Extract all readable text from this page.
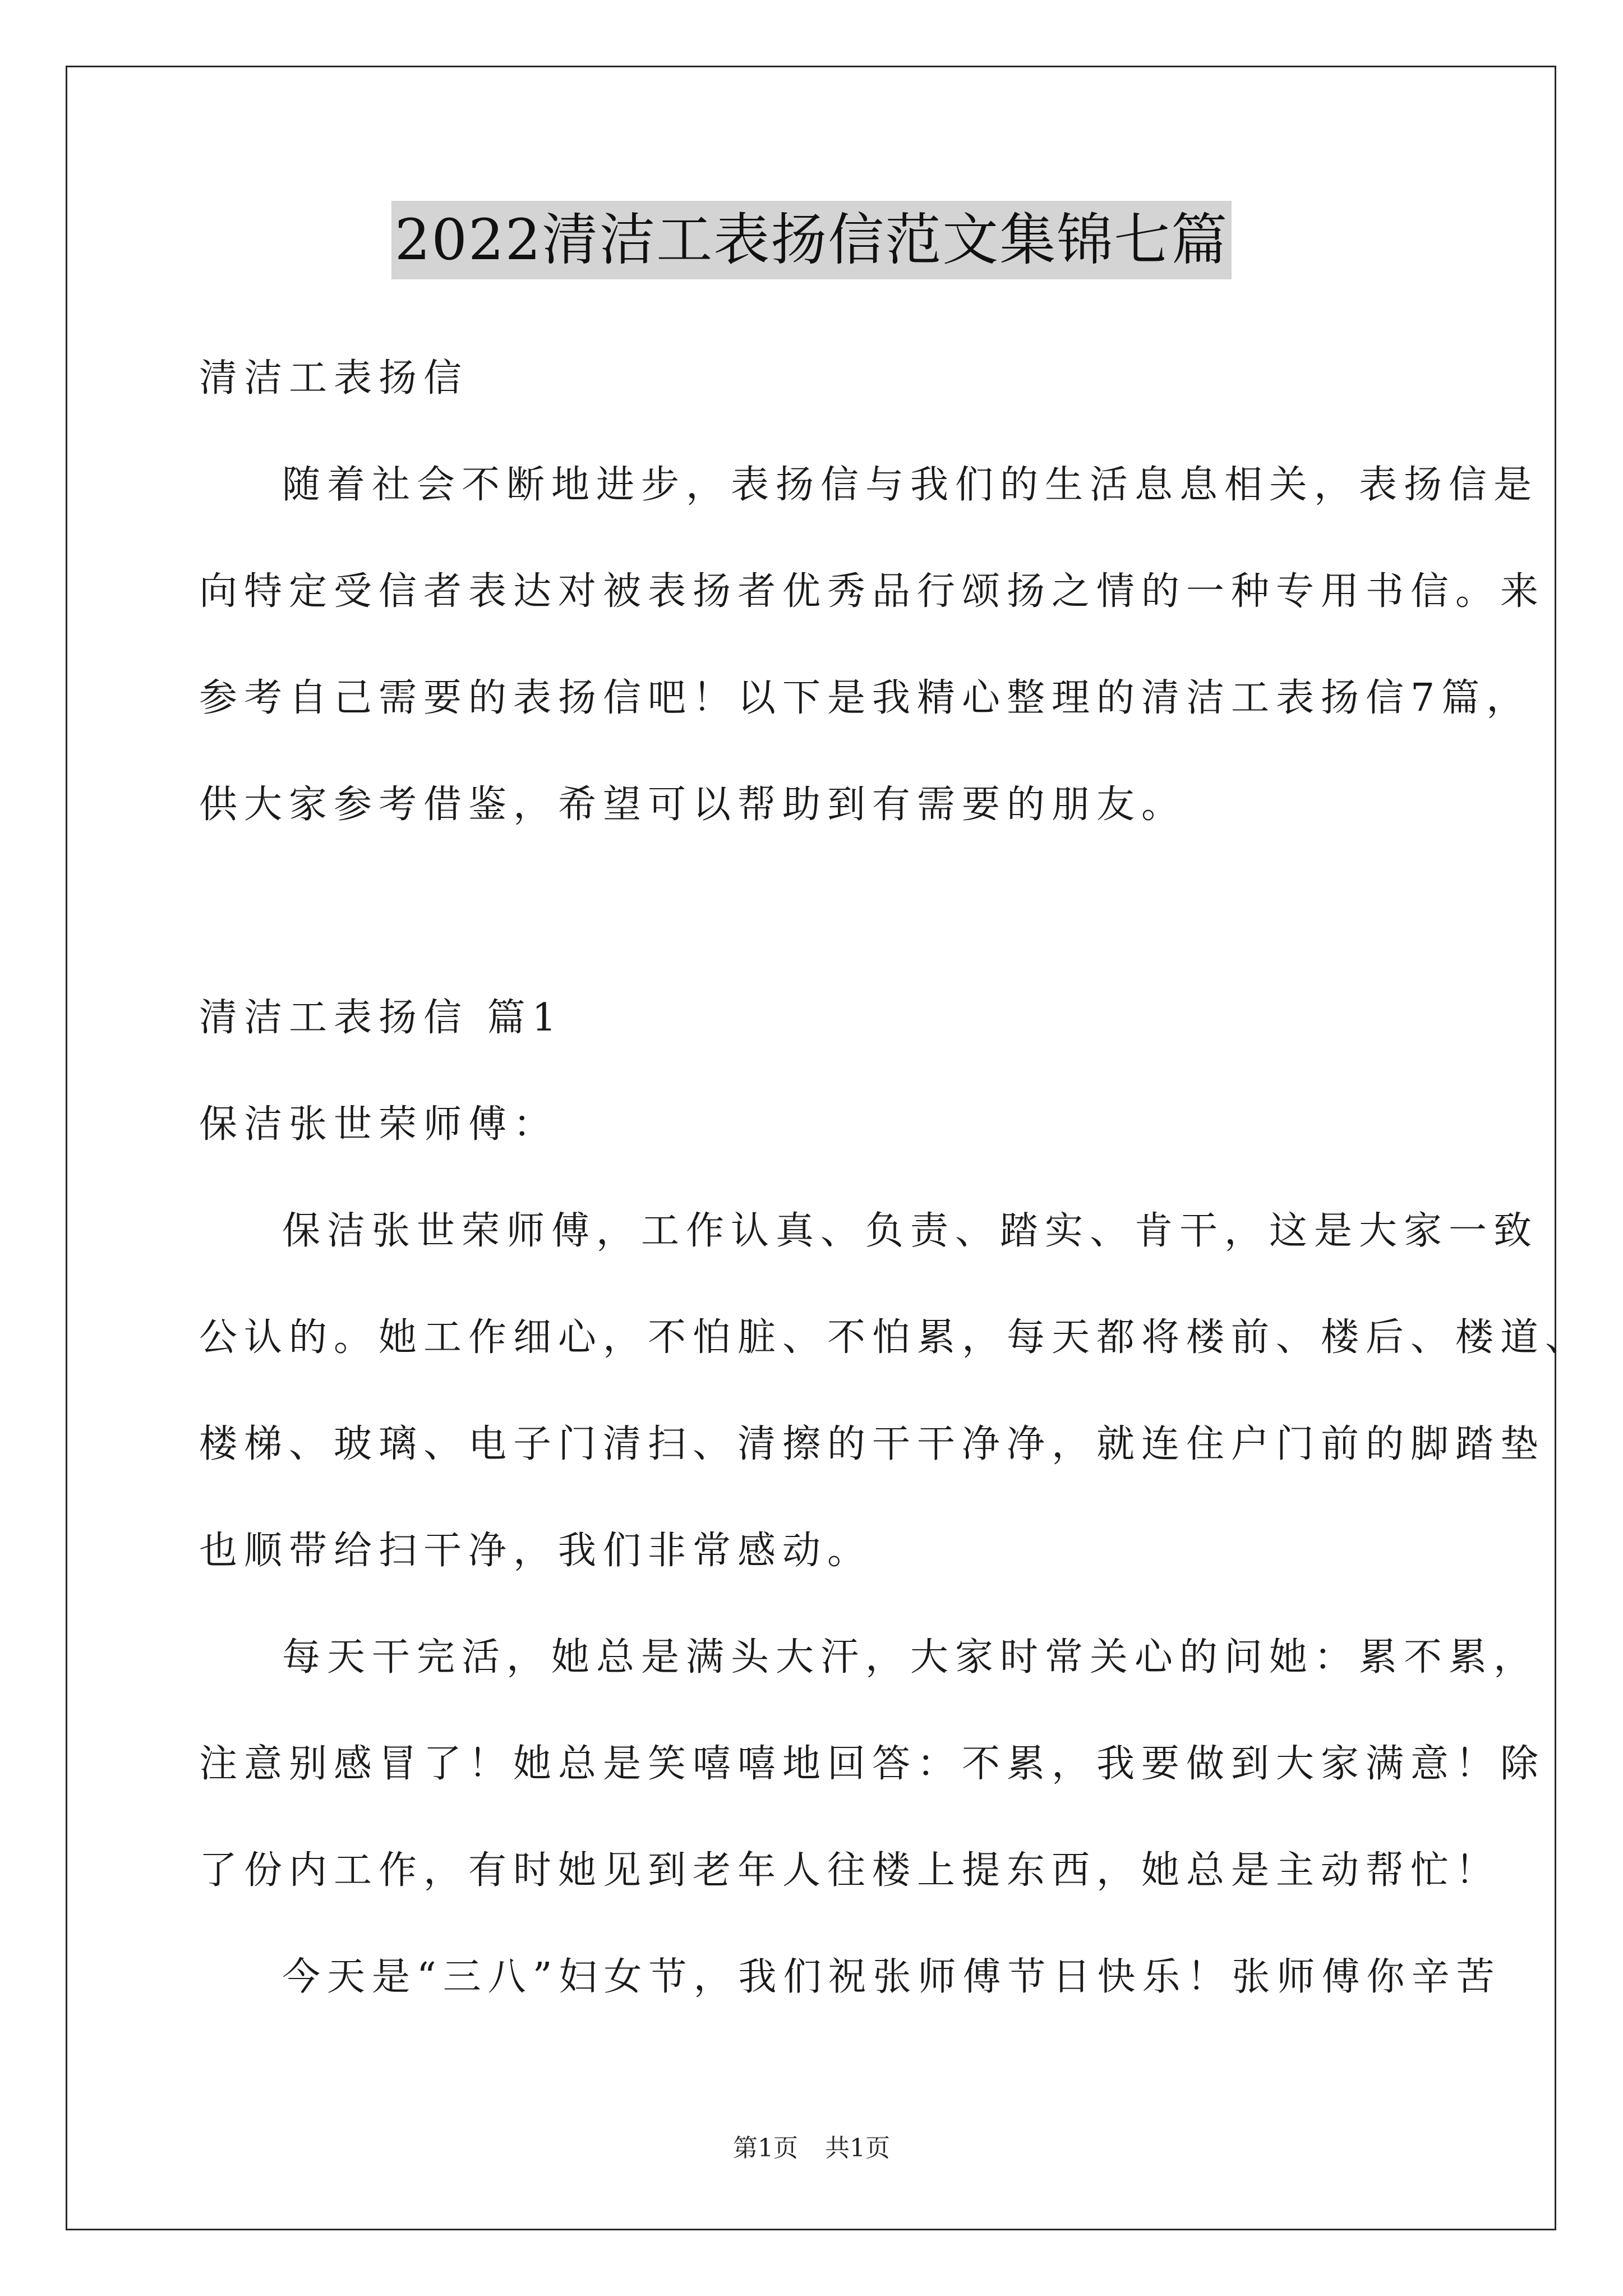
2022清洁工表扬信范文集锦七篇
清洁工表扬信
随着社会不断地进步，表扬信与我们的生活息息相关，表扬信是
向特定受信者表达对被表扬者优秀品行颂扬之情的一种专用书信。来
参考自己需要的表扬信吧！以下是我精心整理的清洁工表扬信7篇，
供大家参考借鉴，希望可以帮助到有需要的朋友。
清洁工表扬信 篇1
保洁张世荣师傅：
保洁张世荣师傅，工作认真、负责、踏实、肯干，这是大家一致
公认的。她工作细心，不怕脏、不怕累，每天都将楼前、楼后、楼道、
楼梯、玻璃、电子门清扫、清擦的干干净净，就连住户门前的脚踏垫
也顺带给扫干净，我们非常感动。
每天干完活，她总是满头大汗，大家时常关心的问她：累不累，
注意别感冒了！她总是笑嘻嘻地回答：不累，我要做到大家满意！除
了份内工作，有时她见到老年人往楼上提东西，她总是主动帮忙！
今天是“三八”妇女节，我们祝张师傅节日快乐！张师傅你辛苦
第1页 共1页
